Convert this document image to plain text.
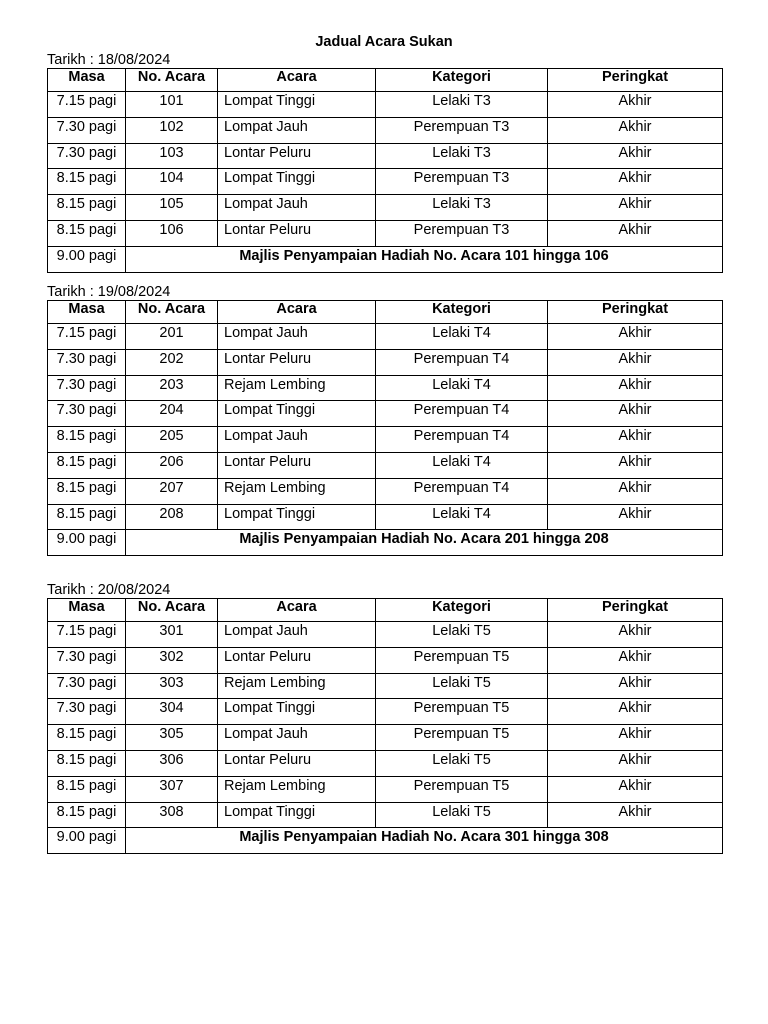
Jadual Acara Sukan
Tarikh : 18/08/2024
Masa	No. Acara	Acara	Kategori	Peringkat
7.15 pagi	101	Lompat Tinggi	Lelaki T3	Akhir
7.30 pagi	102	Lompat Jauh	Perempuan T3	Akhir
7.30 pagi	103	Lontar Peluru	Lelaki T3	Akhir
8.15 pagi	104	Lompat Tinggi	Perempuan T3	Akhir
8.15 pagi	105	Lompat Jauh	Lelaki T3	Akhir
8.15 pagi	106	Lontar Peluru	Perempuan T3	Akhir
9.00 pagi	Majlis Penyampaian Hadiah No. Acara 101 hingga 106			
Tarikh : 19/08/2024
Masa	No. Acara	Acara	Kategori	Peringkat
7.15 pagi	201	Lompat Jauh	Lelaki T4	Akhir
7.30 pagi	202	Lontar Peluru	Perempuan T4	Akhir
7.30 pagi	203	Rejam Lembing	Lelaki T4	Akhir
7.30 pagi	204	Lompat Tinggi	Perempuan T4	Akhir
8.15 pagi	205	Lompat Jauh	Perempuan T4	Akhir
8.15 pagi	206	Lontar Peluru	Lelaki T4	Akhir
8.15 pagi	207	Rejam Lembing	Perempuan T4	Akhir
8.15 pagi	208	Lompat Tinggi	Lelaki T4	Akhir
9.00 pagi	Majlis Penyampaian Hadiah No. Acara 201 hingga 208			
Tarikh : 20/08/2024
Masa	No. Acara	Acara	Kategori	Peringkat
7.15 pagi	301	Lompat Jauh	Lelaki T5	Akhir
7.30 pagi	302	Lontar Peluru	Perempuan T5	Akhir
7.30 pagi	303	Rejam Lembing	Lelaki T5	Akhir
7.30 pagi	304	Lompat Tinggi	Perempuan T5	Akhir
8.15 pagi	305	Lompat Jauh	Perempuan T5	Akhir
8.15 pagi	306	Lontar Peluru	Lelaki T5	Akhir
8.15 pagi	307	Rejam Lembing	Perempuan T5	Akhir
8.15 pagi	308	Lompat Tinggi	Lelaki T5	Akhir
9.00 pagi	Majlis Penyampaian Hadiah No. Acara 301 hingga 308			
